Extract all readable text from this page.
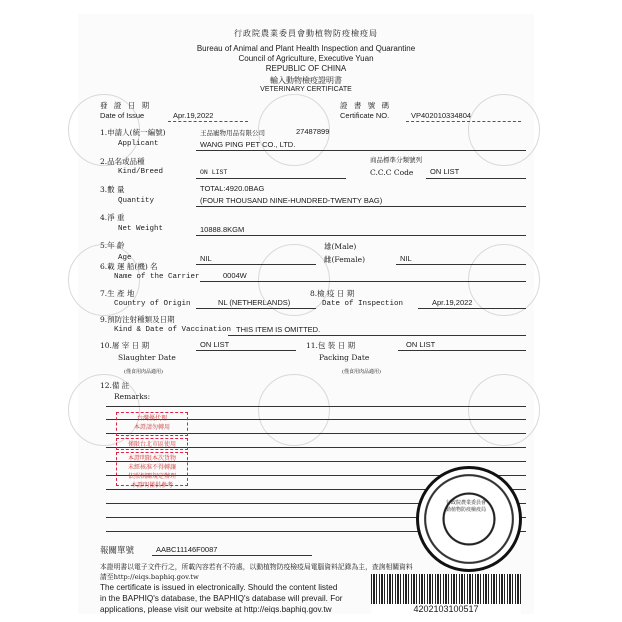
行政院農業委員會動植物防疫檢疫局
Bureau of Animal and Plant Health Inspection and Quarantine
Council of Agriculture, Executive Yuan
REPUBLIC OF CHINA
輸入動物檢疫證明書
VETERINARY CERTIFICATE
發 證 日 期
Date of Issue	Apr.19,2022
證 書 號 碼
Certificate NO.	VP402010334804
1.申請人(統一編號)
Applicant
王品寵物用品有限公司	27487899
WANG PING PET CO., LTD.
2.品名或品種
Kind/Breed	ON LIST
商品標準分類號列
C.C.C Code ON LIST
3.數 量
Quantity
TOTAL:4920.0BAG
(FOUR THOUSAND NINE-HUNDRED-TWENTY BAG)
4.淨 重
Net Weight	10888.8KGM
5.年 齡
Age	NIL
雄(Male)
雌(Female)	NIL
6.載 運 船(機) 名
Name of the Carrier	0004W
7.生 產 地
Country of Origin	NL (NETHERLANDS)
8.檢 疫 日 期
Date of Inspection	Apr.19,2022
9.預防注射種類及日期
Kind & Date of Vaccination THIS ITEM IS OMITTED.
10.屠 宰 日 期
Slaughter Date
ON LIST
(僅食用肉品適用)
11.包 裝 日 期
Packing Date
ON LIST
(僅食用肉品適用)
12.備 註
Remarks:
台灣優代理
本證請勿轉用
僅限台北市區使用
本證明限本次貨物
未經核准不得轉讓
依照相關規定辦理
本證明僅供參考
行政院農業委員會動植物防疫檢疫局
報關單號	AABC11146F0087
本證明書以電子文件行之，所載內容若有不符處，以動植物防疫檢疫局電腦資料記錄為主，查詢相關資料
請至http://eiqs.baphiq.gov.tw
The certificate is issued in electronically. Should the content listed
in the BAPHIQ's database, the BAPHIQ's database will prevail. For
applications, please visit our website at http://eiqs.baphiq.gov.tw	4202103100517
